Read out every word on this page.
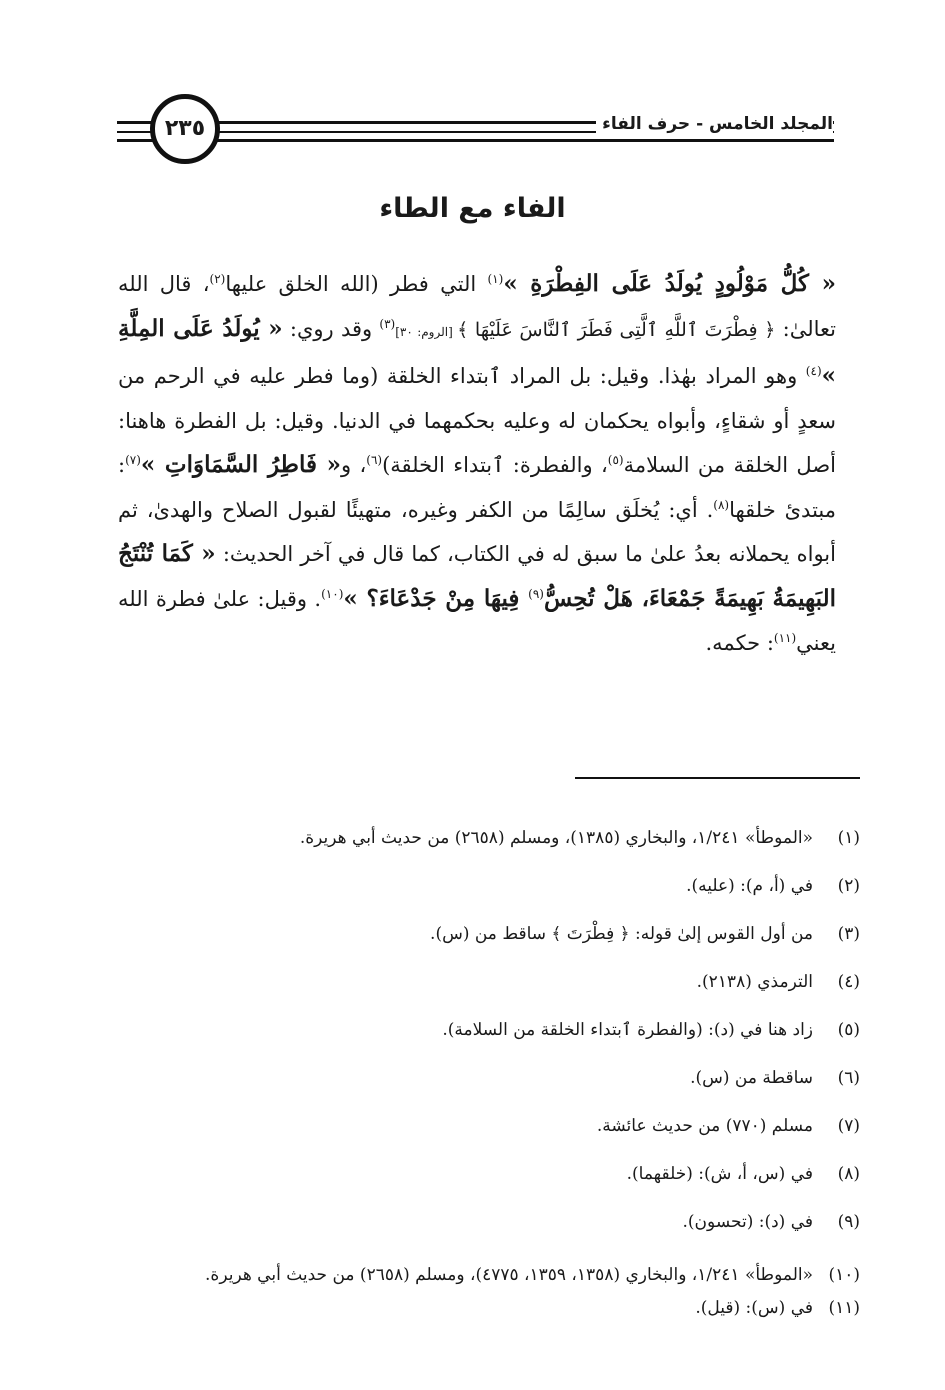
المجلد الخامس - حرف الفاء
٢٣٥
الفاء مع الطاء
« كُلُّ مَوْلُودٍ يُولَدُ عَلَى الفِطْرَةِ »$^{(١)}$ التي فطر (الله الخلق عليها$^{(٢)}$، قال الله تعالىٰ: ﴿ فِطْرَتَ ٱللَّهِ ٱلَّتِى فَطَرَ ٱلنَّاسَ عَلَيْهَا ﴾ [الروم: ٣٠]$^{(٣)}$ وقد روي: « يُولَدُ عَلَى المِلَّةِ »$^{(٤)}$ وهو المراد بهٰذا. وقيل: بل المراد ٱبتداء الخلقة (وما فطر عليه في الرحم من سعدٍ أو شقاءٍ، وأبواه يحكمان له وعليه بحكمهما في الدنيا. وقيل: بل الفطرة هاهنا: أصل الخلقة من السلامة$^{(٥)}$، والفطرة: ٱبتداء الخلقة)$^{(٦)}$، و« فَاطِرُ السَّمَاوَاتِ »$^{(٧)}$: مبتدئ خلقها$^{(٨)}$. أي: يُخلَق سالِمًا من الكفر وغيره، متهيئًا لقبول الصلاح والهدىٰ، ثم أبواه يحملانه بعدُ علىٰ ما سبق له في الكتاب، كما قال في آخر الحديث: « كَمَا تُنْتَجُ البَهِيمَةُ بَهِيمَةً جَمْعَاءَ، هَلْ تُحِسُّ$^{(٩)}$ فِيهَا مِنْ جَدْعَاءَ؟ »$^{(١٠)}$. وقيل: علىٰ فطرة الله يعني$^{(١١)}$: حكمه.
(١)
«الموطأ» ١/٢٤١، والبخاري (١٣٨٥)، ومسلم (٢٦٥٨) من حديث أبي هريرة.
(٢)
في (أ، م): (عليه).
(٣)
من أول القوس إلىٰ قوله: ﴿ فِطْرَتَ ﴾ ساقط من (س).
(٤)
الترمذي (٢١٣٨).
(٥)
زاد هنا في (د): (والفطرة ٱبتداء الخلقة من السلامة).
(٦)
ساقطة من (س).
(٧)
مسلم (٧٧٠) من حديث عائشة.
(٨)
في (س، أ، ش): (خلقهما).
(٩)
في (د): (تحسون).
(١٠)
«الموطأ» ١/٢٤١، والبخاري (١٣٥٨، ١٣٥٩، ٤٧٧٥)، ومسلم (٢٦٥٨) من حديث أبي هريرة.
(١١)
في (س): (قيل).
